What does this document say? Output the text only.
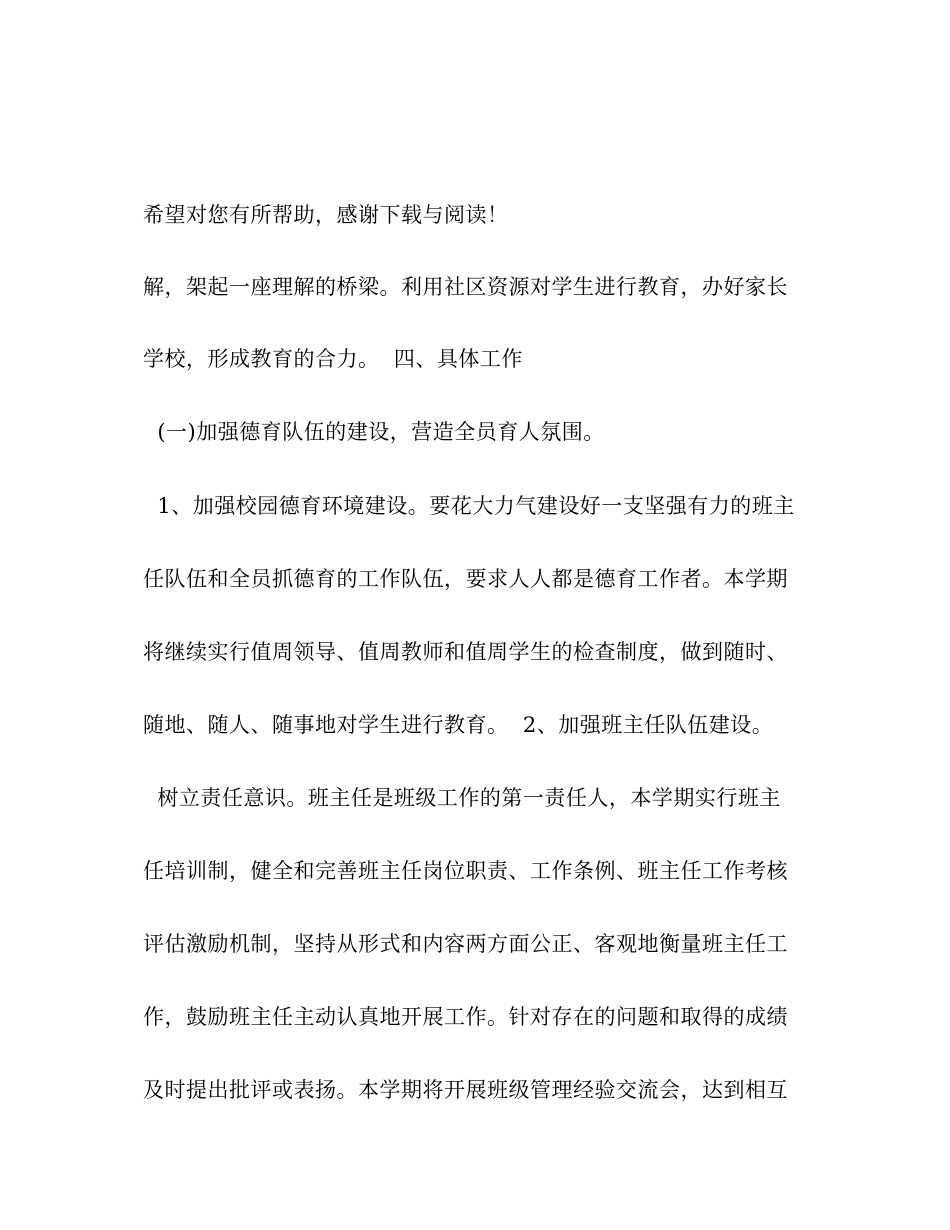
希望对您有所帮助，感谢下载与阅读！
解，架起一座理解的桥梁。利用社区资源对学生进行教育，办好家长
学校，形成教育的合力。  四、具体工作
(一)加强德育队伍的建设，营造全员育人氛围。
1、加强校园德育环境建设。要花大力气建设好一支坚强有力的班主
任队伍和全员抓德育的工作队伍，要求人人都是德育工作者。本学期
将继续实行值周领导、值周教师和值周学生的检查制度，做到随时、
随地、随人、随事地对学生进行教育。  2、加强班主任队伍建设。
树立责任意识。班主任是班级工作的第一责任人，本学期实行班主
任培训制，健全和完善班主任岗位职责、工作条例、班主任工作考核
评估激励机制，坚持从形式和内容两方面公正、客观地衡量班主任工
作，鼓励班主任主动认真地开展工作。针对存在的问题和取得的成绩
及时提出批评或表扬。本学期将开展班级管理经验交流会，达到相互
